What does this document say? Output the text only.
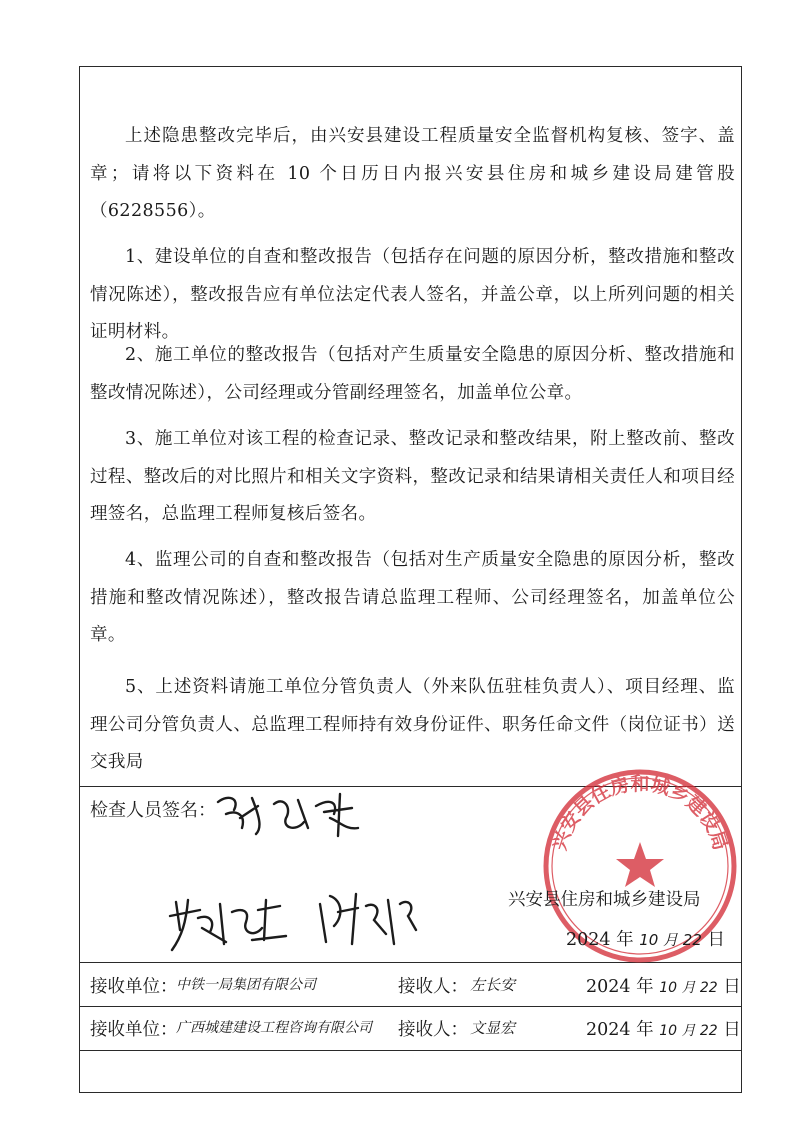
上述隐患整改完毕后，由兴安县建设工程质量安全监督机构复核、签字、盖章；请将以下资料在 10 个日历日内报兴安县住房和城乡建设局建管股（6228556）。

1、建设单位的自查和整改报告（包括存在问题的原因分析，整改措施和整改情况陈述），整改报告应有单位法定代表人签名，并盖公章，以上所列问题的相关证明材料。

2、施工单位的整改报告（包括对产生质量安全隐患的原因分析、整改措施和整改情况陈述），公司经理或分管副经理签名，加盖单位公章。

3、施工单位对该工程的检查记录、整改记录和整改结果，附上整改前、整改过程、整改后的对比照片和相关文字资料，整改记录和结果请相关责任人和项目经理签名，总监理工程师复核后签名。

4、监理公司的自查和整改报告（包括对生产质量安全隐患的原因分析，整改措施和整改情况陈述），整改报告请总监理工程师、公司经理签名，加盖单位公章。

5、上述资料请施工单位分管负责人（外来队伍驻桂负责人）、项目经理、监理公司分管负责人、总监理工程师持有效身份证件、职务任命文件（岗位证书）送交我局

检查人员签名：
兴安县住房和城乡建设局
兴安县住房和城乡建设局
2024 年 10 月 22 日
接收单位：
中铁一局集团有限公司	接收人： 左长安	2024 年 10 月 22 日
接收单位：
广西城建建设工程咨询有限公司 接收人： 文显宏	2024 年 10 月 22 日
